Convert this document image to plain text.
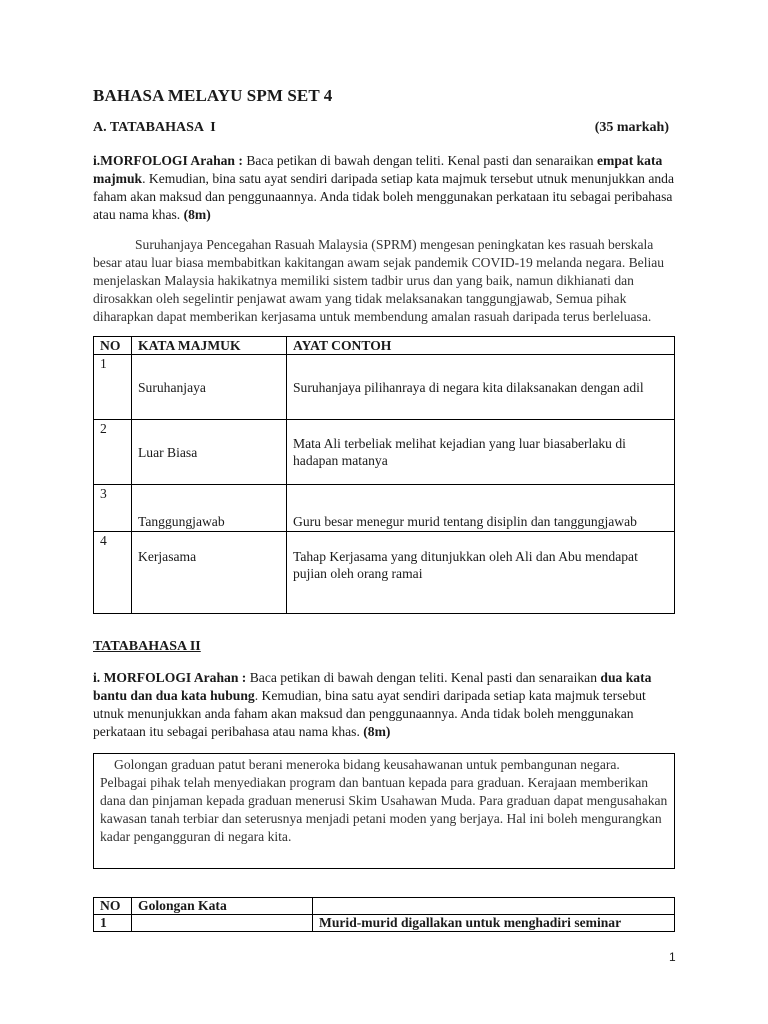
BAHASA MELAYU SPM SET 4
A. TATABAHASA  I	(35 markah)

i.MORFOLOGI Arahan : Baca petikan di bawah dengan teliti. Kenal pasti dan senaraikan empat kata majmuk. Kemudian, bina satu ayat sendiri daripada setiap kata majmuk tersebut utnuk menunjukkan anda faham akan maksud dan penggunaannya. Anda tidak boleh menggunakan perkataan itu sebagai peribahasa atau nama khas. (8m)

Suruhanjaya Pencegahan Rasuah Malaysia (SPRM) mengesan peningkatan kes rasuah berskala besar atau luar biasa membabitkan kakitangan awam sejak pandemik COVID-19 melanda negara. Beliau menjelaskan Malaysia hakikatnya memiliki sistem tadbir urus dan yang baik, namun dikhianati dan dirosakkan oleh segelintir penjawat awam yang tidak melaksanakan tanggungjawab, Semua pihak diharapkan dapat memberikan kerjasama untuk membendung amalan rasuah daripada terus berleluasa.

NO	KATA MAJMUK	AYAT CONTOH
1	Suruhanjaya	Suruhanjaya pilihanraya di negara kita dilaksanakan dengan adil
2	Luar Biasa	Mata Ali terbeliak melihat kejadian yang luar biasaberlaku di hadapan matanya
3	Tanggungjawab	Guru besar menegur murid tentang disiplin dan tanggungjawab
4	Kerjasama	Tahap Kerjasama yang ditunjukkan oleh Ali dan Abu mendapat pujian oleh orang ramai
TATABAHASA II

i. MORFOLOGI Arahan : Baca petikan di bawah dengan teliti. Kenal pasti dan senaraikan dua kata bantu dan dua kata hubung. Kemudian, bina satu ayat sendiri daripada setiap kata majmuk tersebut utnuk menunjukkan anda faham akan maksud dan penggunaannya. Anda tidak boleh menggunakan perkataan itu sebagai peribahasa atau nama khas. (8m)

Golongan graduan patut berani meneroka bidang keusahawanan untuk pembangunan negara. Pelbagai pihak telah menyediakan program dan bantuan kepada para graduan. Kerajaan memberikan dana dan pinjaman kepada graduan menerusi Skim Usahawan Muda. Para graduan dapat mengusahakan kawasan tanah terbiar dan seterusnya menjadi petani moden yang berjaya. Hal ini boleh mengurangkan kadar pengangguran di negara kita.

NO	Golongan Kata	
1		Murid-murid digallakan untuk menghadiri seminar
1
